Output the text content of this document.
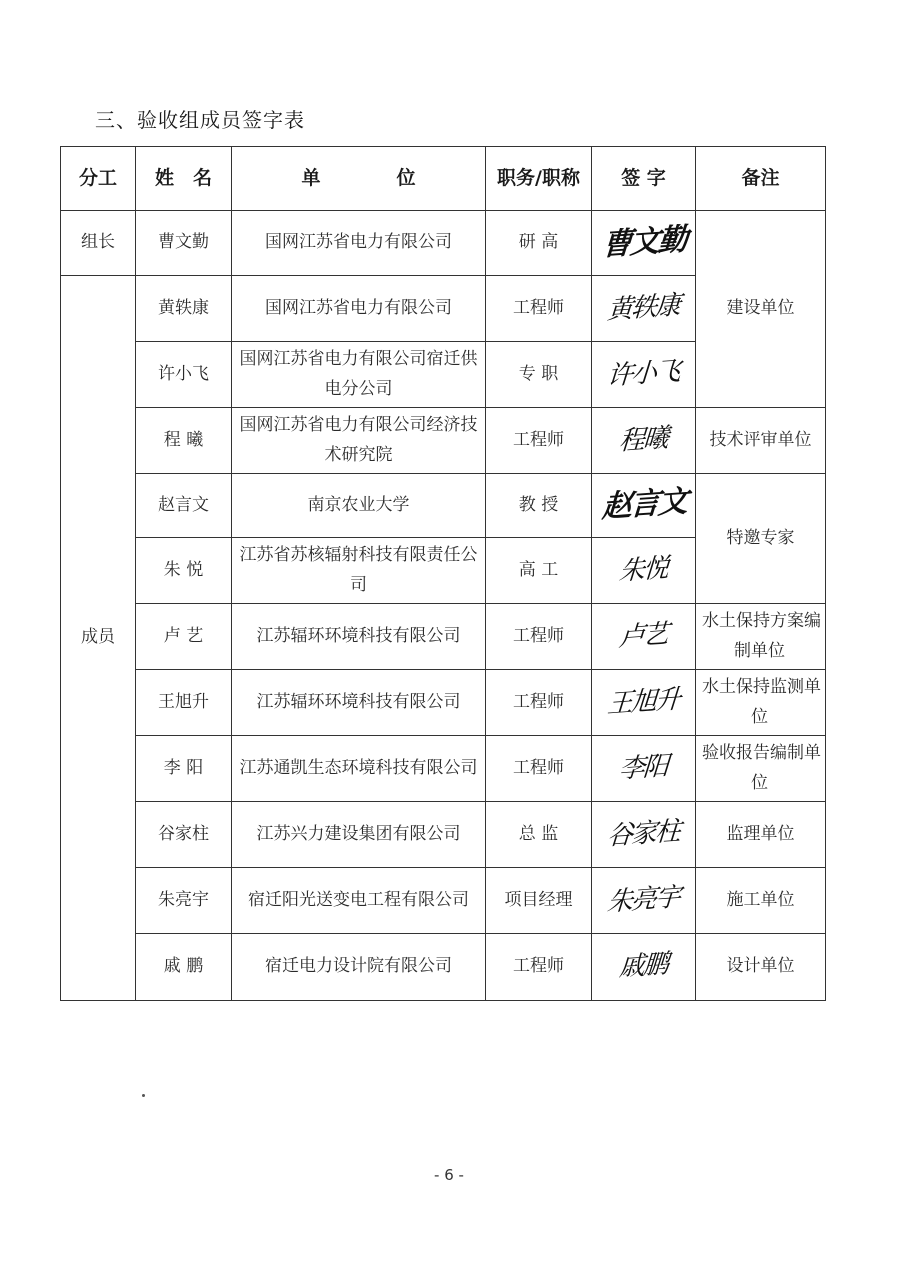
三、验收组成员签字表
分工	姓　名	单　　　　位	职务/职称	签 字	备注
组长	曹文勤	国网江苏省电力有限公司	研 高	曹文勤	建设单位
成员	黄轶康	国网江苏省电力有限公司	工程师	黄轶康	
	许小飞	国网江苏省电力有限公司宿迁供电分公司	专 职	许小飞	
	程 曦	国网江苏省电力有限公司经济技术研究院	工程师	程曦	技术评审单位
	赵言文	南京农业大学	教 授	赵言文	特邀专家
	朱 悦	江苏省苏核辐射科技有限责任公司	高 工	朱悦	
	卢 艺	江苏辐环环境科技有限公司	工程师	卢艺	水土保持方案编制单位
	王旭升	江苏辐环环境科技有限公司	工程师	王旭升	水土保持监测单位
	李 阳	江苏通凯生态环境科技有限公司	工程师	李阳	验收报告编制单位
	谷家柱	江苏兴力建设集团有限公司	总 监	谷家柱	监理单位
	朱亮宇	宿迁阳光送变电工程有限公司	项目经理	朱亮宇	施工单位
	戚 鹏	宿迁电力设计院有限公司	工程师	戚鹏	设计单位
- 6 -
